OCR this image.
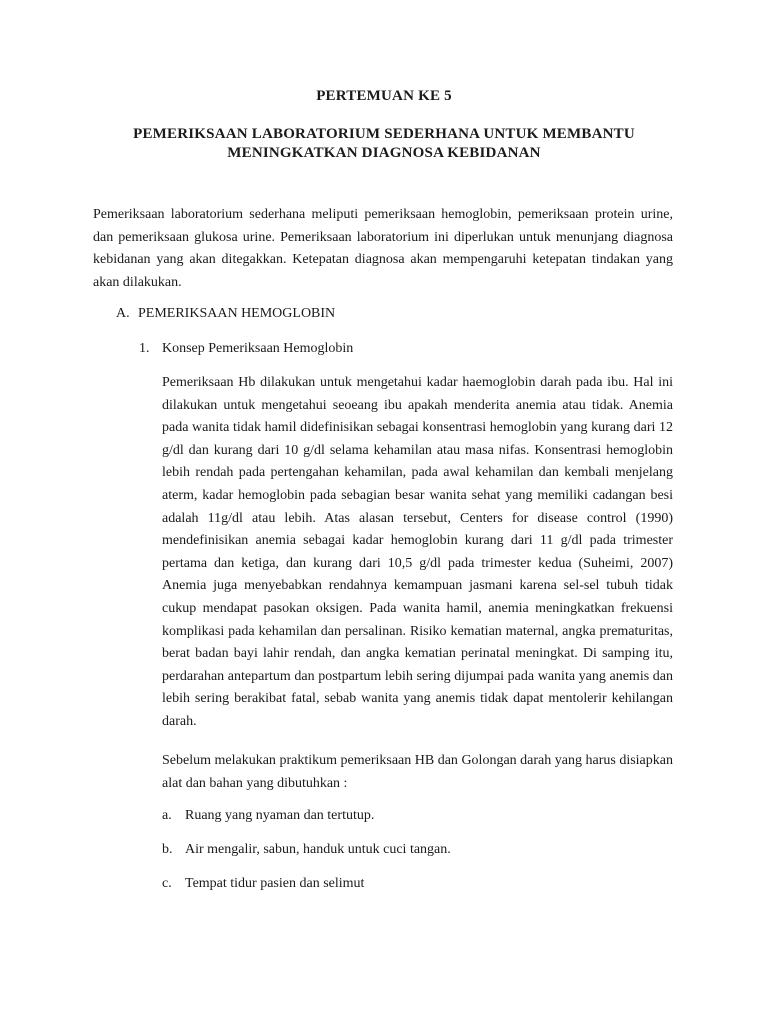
PERTEMUAN KE 5
PEMERIKSAAN LABORATORIUM SEDERHANA UNTUK MEMBANTU
MENINGKATKAN DIAGNOSA KEBIDANAN

Pemeriksaan laboratorium sederhana meliputi pemeriksaan hemoglobin, pemeriksaan protein urine, dan pemeriksaan glukosa urine. Pemeriksaan laboratorium ini diperlukan untuk menunjang diagnosa kebidanan yang akan ditegakkan. Ketepatan diagnosa akan mempengaruhi ketepatan tindakan yang akan dilakukan.

A. PEMERIKSAAN HEMOGLOBIN
1. Konsep Pemeriksaan Hemoglobin

Pemeriksaan Hb dilakukan untuk mengetahui kadar haemoglobin darah pada ibu. Hal ini dilakukan untuk mengetahui seoeang ibu apakah menderita anemia atau tidak. Anemia pada wanita tidak hamil didefinisikan sebagai konsentrasi hemoglobin yang kurang dari 12 g/dl dan kurang dari 10 g/dl selama kehamilan atau masa nifas. Konsentrasi hemoglobin lebih rendah pada pertengahan kehamilan, pada awal kehamilan dan kembali menjelang aterm, kadar hemoglobin pada sebagian besar wanita sehat yang memiliki cadangan besi adalah 11g/dl atau lebih. Atas alasan tersebut, Centers for disease control (1990) mendefinisikan anemia sebagai kadar hemoglobin kurang dari 11 g/dl pada trimester pertama dan ketiga, dan kurang dari 10,5 g/dl pada trimester kedua (Suheimi, 2007) Anemia juga menyebabkan rendahnya kemampuan jasmani karena sel-sel tubuh tidak cukup mendapat pasokan oksigen. Pada wanita hamil, anemia meningkatkan frekuensi komplikasi pada kehamilan dan persalinan. Risiko kematian maternal, angka prematuritas, berat badan bayi lahir rendah, dan angka kematian perinatal meningkat. Di samping itu, perdarahan antepartum dan postpartum lebih sering dijumpai pada wanita yang anemis dan lebih sering berakibat fatal, sebab wanita yang anemis tidak dapat mentolerir kehilangan darah.

Sebelum melakukan praktikum pemeriksaan HB dan Golongan darah yang harus disiapkan alat dan bahan yang dibutuhkan :

a. Ruang yang nyaman dan tertutup.
b. Air mengalir, sabun, handuk untuk cuci tangan.
c. Tempat tidur pasien dan selimut
